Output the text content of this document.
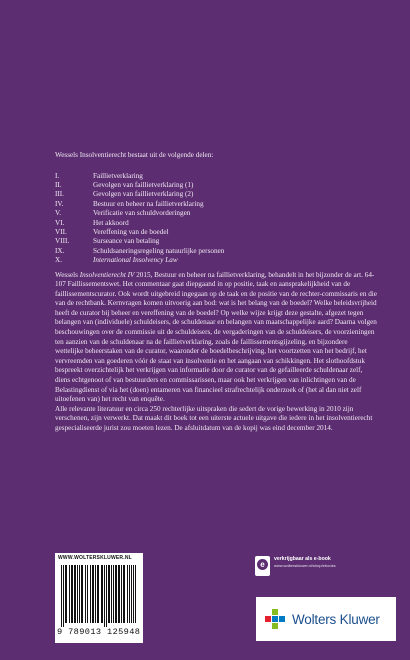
Wessels Insolventierecht bestaat uit de volgende delen:

I.	Faillietverklaring
II.	Gevolgen van faillietverklaring (1)
III.	Gevolgen van faillietverklaring (2)
IV.	Bestuur en beheer na faillietverklaring
V.	Verificatie van schuldvorderingen
VI.	Het akkoord
VII.	Vereffening van de boedel
VIII.	Surseance van betaling
IX.	Schuldsaneringsregeling natuurlijke personen
X.	International Insolvency Law
Wessels Insolventierecht IV 2015, Bestuur en beheer na faillietverklaring, behandelt in het bijzonder de art. 64-107 Faillissementswet. Het commentaar gaat diepgaand in op positie, taak en aansprakelijkheid van de faillissementscurator. Ook wordt uitgebreid ingegaan op de taak en de positie van de rechter-commissaris en die van de rechtbank. Kernvragen komen uitvoerig aan bod: wat is het belang van de boedel? Welke beleidsvrijheid heeft de curator bij beheer en vereffening van de boedel? Op welke wijze krijgt deze gestalte, afgezet tegen belangen van (individuele) schuldeisers, de schuldenaar en belangen van maatschappelijke aard? Daarna volgen beschouwingen over de commissie uit de schuldeisers, de vergaderingen van de schuldeisers, de voorzieningen ten aanzien van de schuldenaar na de faillietverklaring, zoals de faillissementsgijzeling, en bijzondere wettelijke beheerstaken van de curator, waaronder de boedelbeschrijving, het voortzetten van het bedrijf, het vervreemden van goederen vóór de staat van insolventie en het aangaan van schikkingen. Het slothoofdstuk bespreekt overzichtelijk het verkrijgen van informatie door de curator van de gefailleerde schuldenaar zelf, diens echtgenoot of van bestuurders en commissarissen, maar ook het verkrijgen van inlichtingen van de Belastingdienst of via het (doen) entameren van financieel strafrechtelijk onderzoek of (het al dan niet zelf uitoefenen van) het recht van enquête.
Alle relevante literatuur en circa 250 rechterlijke uitspraken die sedert de vorige bewerking in 2010 zijn verschenen, zijn verwerkt. Dat maakt dit boek tot een uiterste actuele uitgave die iedere in het insolventierecht gespecialiseerde jurist zou moeten lezen. De afsluitdatum van de kopij was eind december 2014.
WWW.WOLTERSKLUWER.NL
9 789013 125948
e
verkrijgbaar als e-book
www.wolterskluwer.nl/shop/ebooks
Wolters Kluwer
